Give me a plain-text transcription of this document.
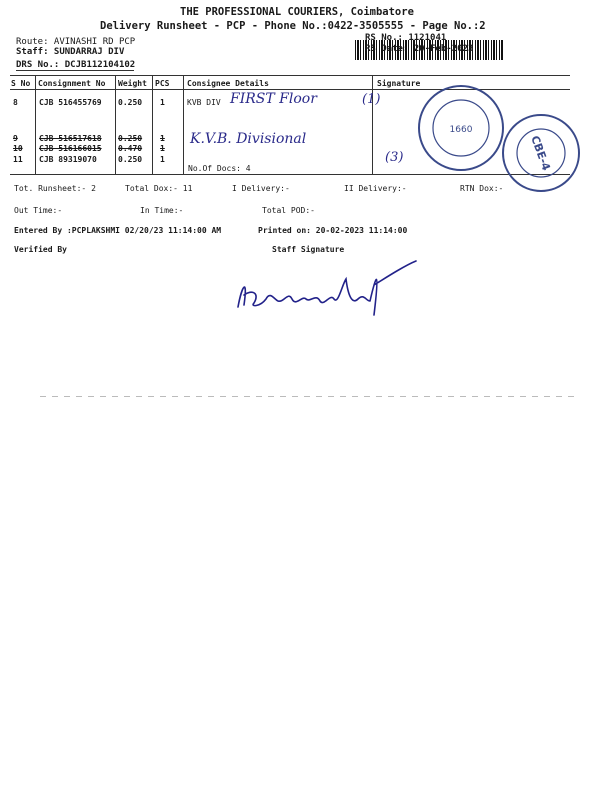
THE PROFESSIONAL COURIERS, Coimbatore
Delivery Runsheet - PCP - Phone No.:0422-3505555 - Page No.:2
Route: AVINASHI RD PCP
Staff: SUNDARRAJ DIV
DRS No.: DCJB112104102
RS No.: 1121041
RS Date: 20-Feb-2023
S No Consignment No Weight PCS Consignee Details	Signature
8	CJB 516455769 0.250 1	KVB DIV FIRST Floor	(1)
9	CJB 516517618 0.250 1 K.V.B. Divisional
10 CJB 516166015 0.470 1
11 CJB 89319070	0.250 1
No.Of Docs: 4
(3)
1660
CBE-4
Tot. Runsheet:- 2	Total Dox:- 11	I Delivery:-	II Delivery:-	RTN Dox:-
Out Time:-	In Time:-	Total POD:-
Entered By :PCPLAKSHMI 02/20/23 11:14:00 AM	Printed on: 20-02-2023 11:14:00
Verified By	Staff Signature
